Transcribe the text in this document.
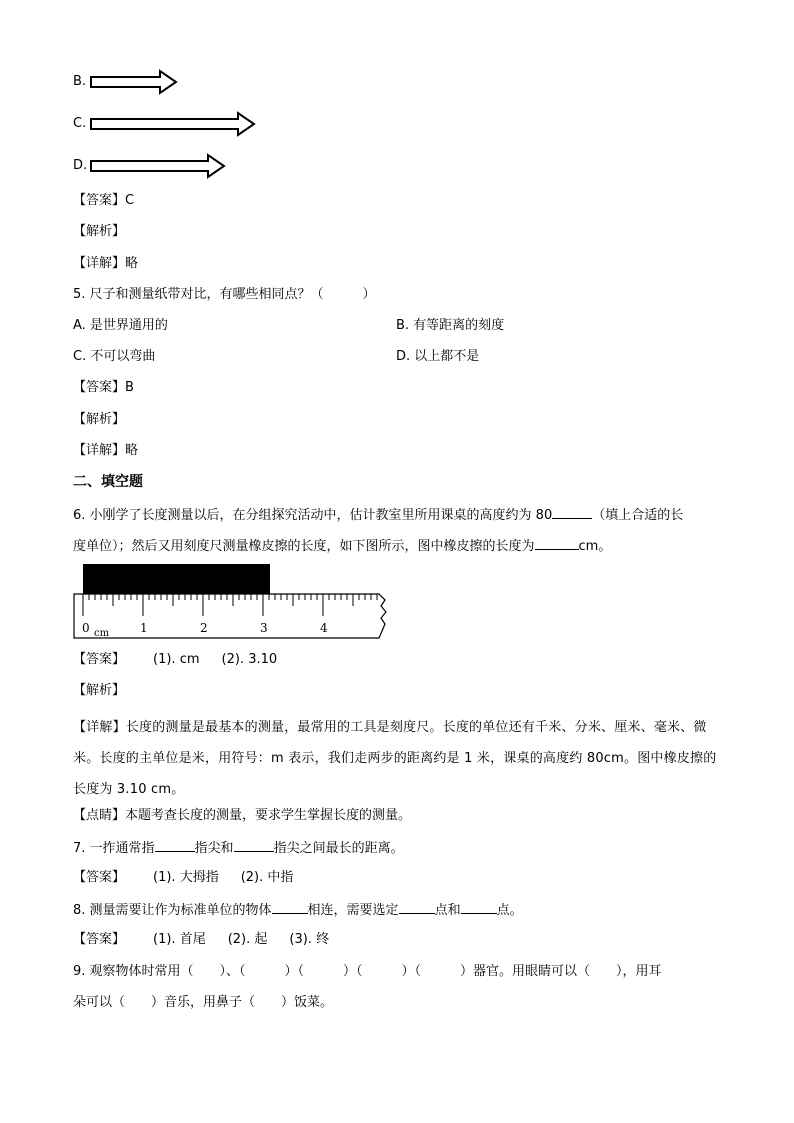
B.
C.
D.
【答案】C
【解析】
【详解】略
5. 尺子和测量纸带对比，有哪些相同点？（　　　）
A. 是世界通用的	B. 有等距离的刻度
C. 不可以弯曲	D. 以上都不是
【答案】B
【解析】
【详解】略
二、填空题
6. 小刚学了长度测量以后，在分组探究活动中，估计教室里所用课桌的高度约为 80	（填上合适的长
度单位）；然后又用刻度尺测量橡皮擦的长度，如下图所示，图中橡皮擦的长度为	cm。
0 cm	1	2	3	4
【答案】 (1). cm (2). 3.10
【解析】
【详解】长度的测量是最基本的测量，最常用的工具是刻度尺。长度的单位还有千米、分米、厘米、毫米、微米。长度的主单位是米，用符号：m 表示，我们走两步的距离约是 1 米，课桌的高度约 80cm。图中橡皮擦的长度为 3.10 cm。
【点睛】本题考查长度的测量，要求学生掌握长度的测量。
7. 一拃通常指	指尖和	指尖之间最长的距离。
【答案】 (1). 大拇指 (2). 中指
8. 测量需要让作为标准单位的物体	相连，需要选定	点和	点。
【答案】 (1). 首尾 (2). 起 (3). 终
9. 观察物体时常用（　　）、（　　　）（　　　）（　　　）（　　　）器官。用眼睛可以（　　），用耳
朵可以（　　）音乐，用鼻子（　　）饭菜。
